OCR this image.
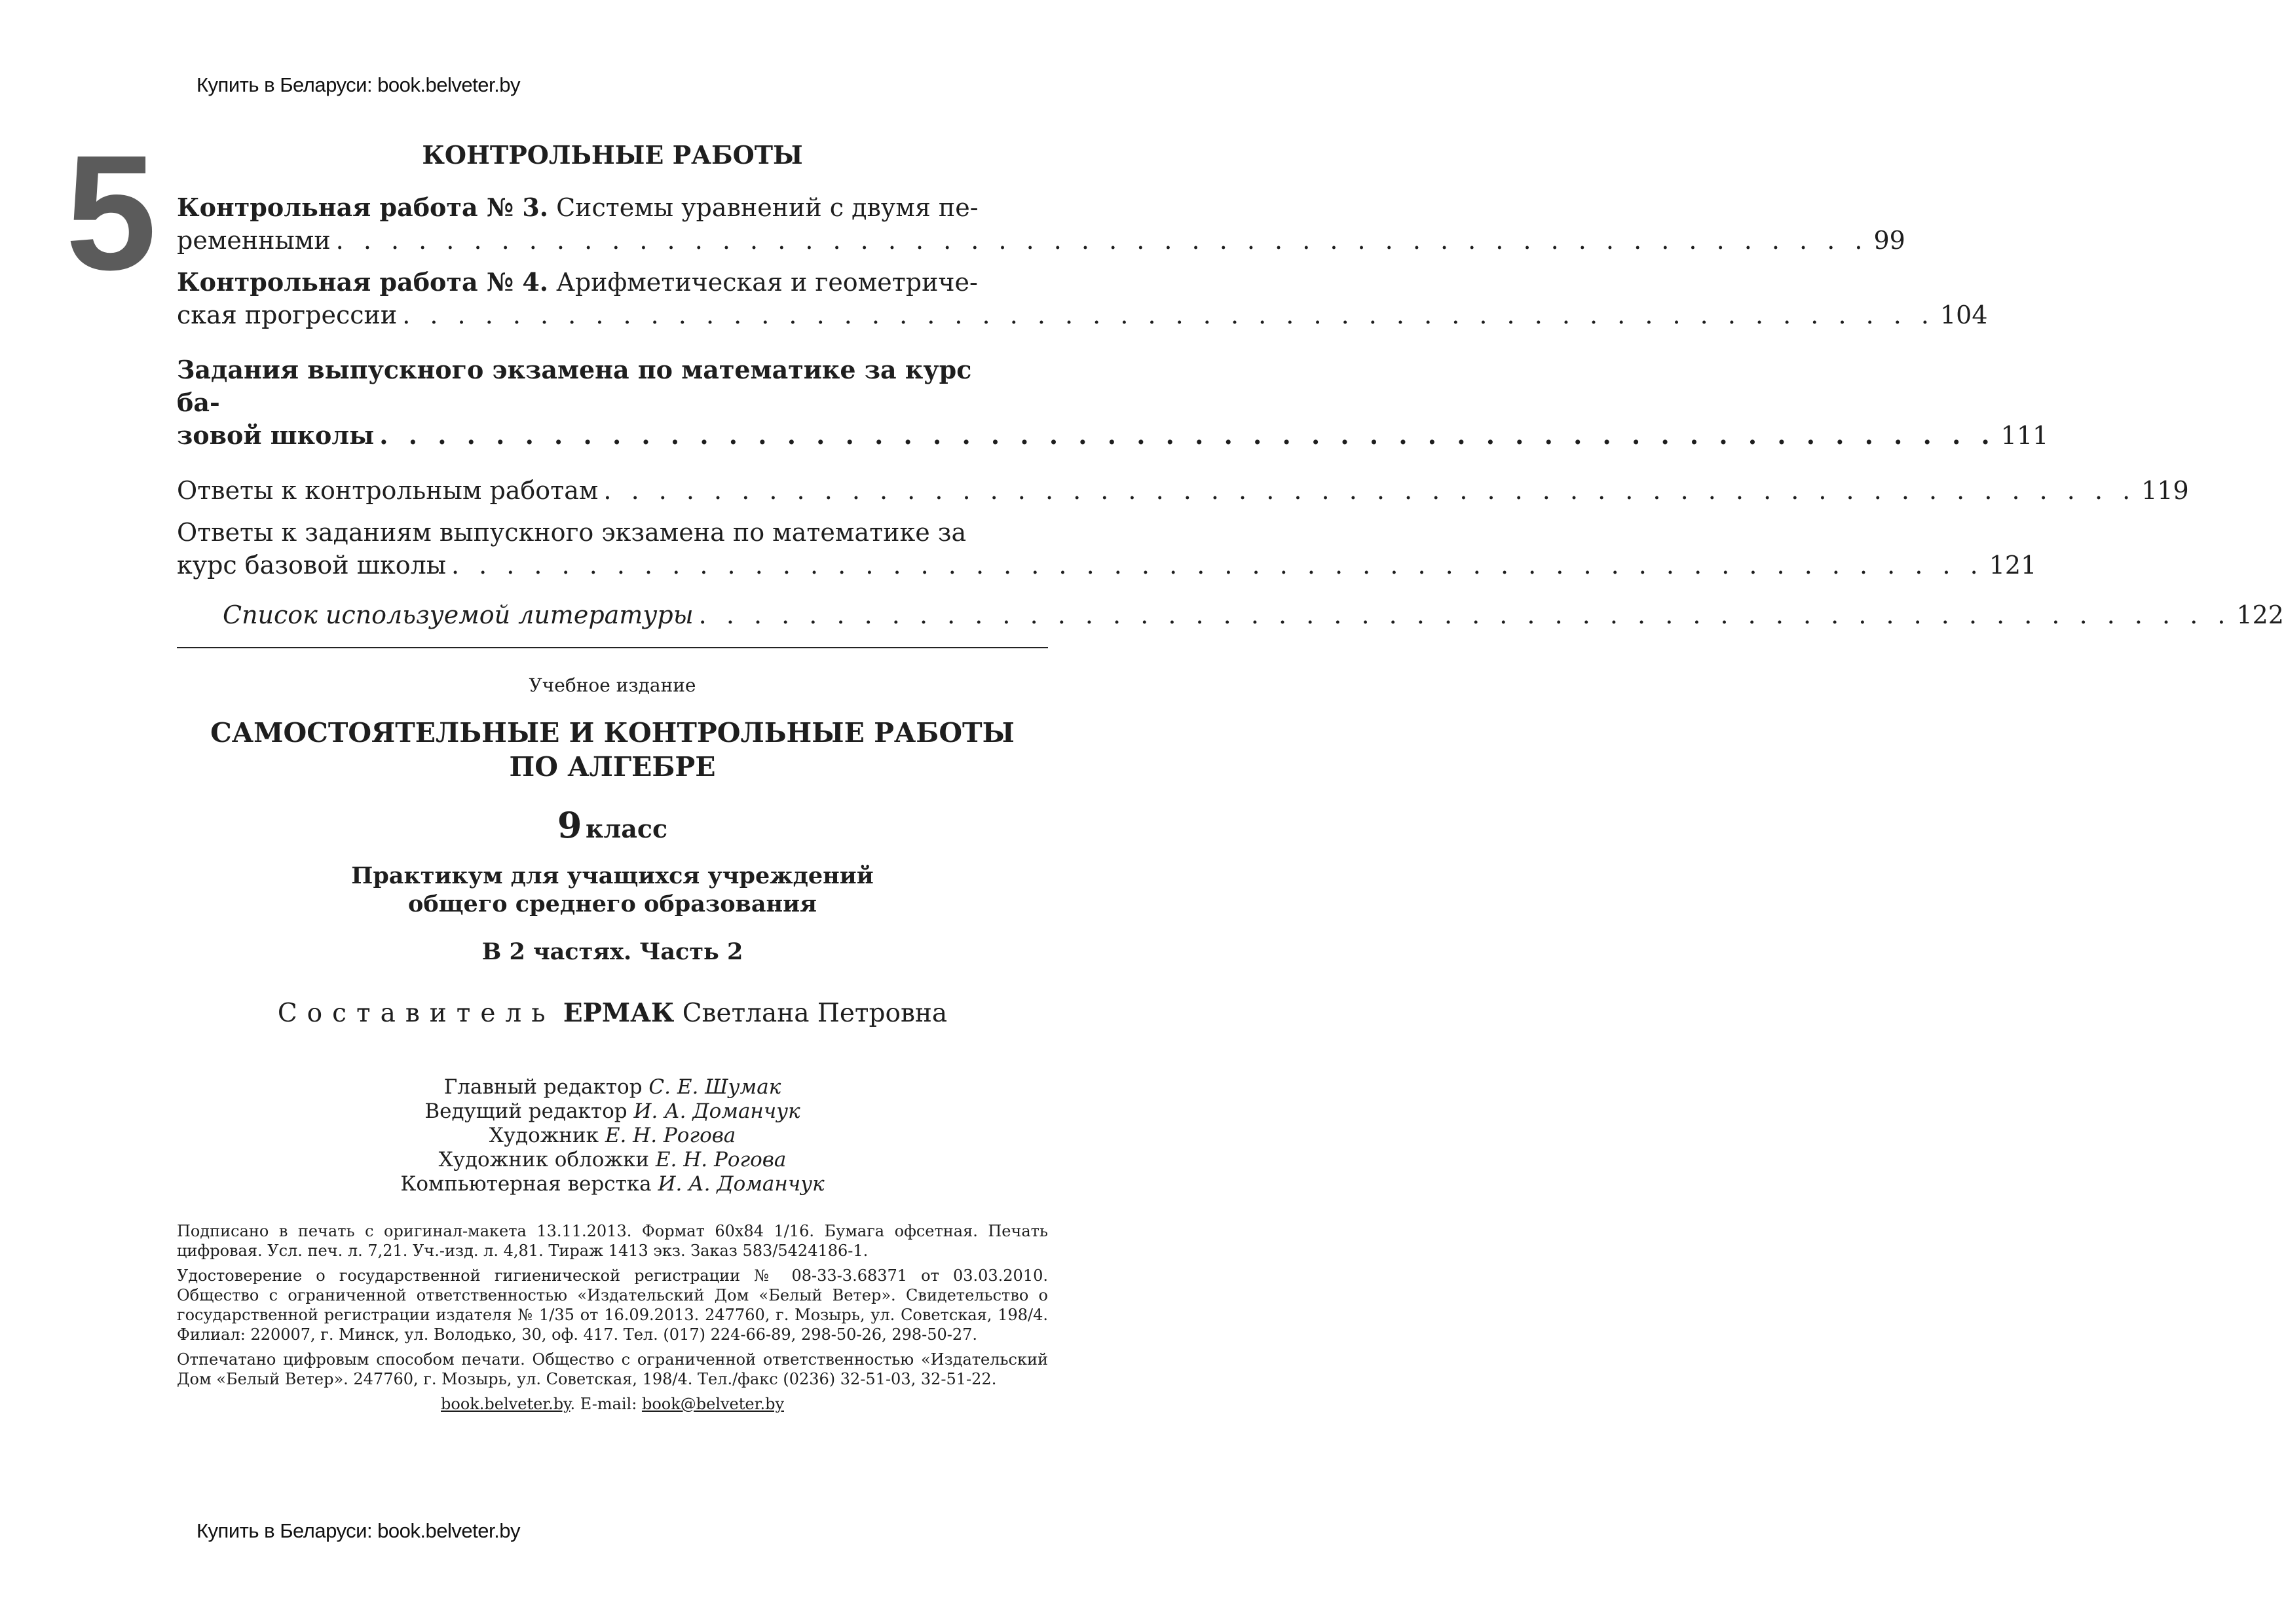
Купить в Беларуси: book.belveter.by
5	КОНТРОЛЬНЫЕ РАБОТЫ
Контрольная работа № 3. Системы уравнений с двумя пе-
ременными . . . . . . . . . . . . . . . . . . . . . . . . . . . . . . . . . . . . . . . . . . . . . . . . . . . . . . . . 99
Контрольная работа № 4. Арифметическая и геометриче-
ская прогрессии . . . . . . . . . . . . . . . . . . . . . . . . . . . . . . . . . . . . . . . . . . . . . . . . . . . . . . . . 104
Задания выпускного экзамена по математике за курс ба-
зовой школы . . . . . . . . . . . . . . . . . . . . . . . . . . . . . . . . . . . . . . . . . . . . . . . . . . . . . . . . 111
Ответы к контрольным работам . . . . . . . . . . . . . . . . . . . . . . . . . . . . . . . . . . . . . . . . . . . . . . . . . . . . . . . . 119
Ответы к заданиям выпускного экзамена по математике за
курс базовой школы . . . . . . . . . . . . . . . . . . . . . . . . . . . . . . . . . . . . . . . . . . . . . . . . . . . . . . . . 121
Список используемой литературы . . . . . . . . . . . . . . . . . . . . . . . . . . . . . . . . . . . . . . . . . . . . . . . . . . . . . . . . 122
Учебное издание
САМОСТОЯТЕЛЬНЫЕ И КОНТРОЛЬНЫЕ РАБОТЫ
ПО АЛГЕБРЕ
9 класс
Практикум для учащихся учреждений
общего среднего образования
В 2 частях. Часть 2
Составитель ЕРМАК Светлана Петровна
Главный редактор С. Е. Шумак
Ведущий редактор И. А. Доманчук
Художник Е. Н. Рогова
Художник обложки Е. Н. Рогова
Компьютерная верстка И. А. Доманчук

Подписано в печать с оригинал-макета 13.11.2013. Формат 60x84 1/16. Бумага офсетная. Печать цифровая. Усл. печ. л. 7,21. Уч.-изд. л. 4,81. Тираж 1413 экз. Заказ 583/5424186-1.

Удостоверение о государственной гигиенической регистрации № 08-33-3.68371 от 03.03.2010. Общество с ограниченной ответственностью «Издательский Дом «Белый Ветер». Свидетельство о государственной регистрации издателя № 1/35 от 16.09.2013. 247760, г. Мозырь, ул. Советская, 198/4. Филиал: 220007, г. Минск, ул. Володько, 30, оф. 417. Тел. (017) 224-66-89, 298-50-26, 298-50-27.

Отпечатано цифровым способом печати. Общество с ограниченной ответственностью «Издательский Дом «Белый Ветер». 247760, г. Мозырь, ул. Советская, 198/4. Тел./факс (0236) 32-51-03, 32-51-22.

book.belveter.by. E-mail: book@belveter.by
Купить в Беларуси: book.belveter.by
